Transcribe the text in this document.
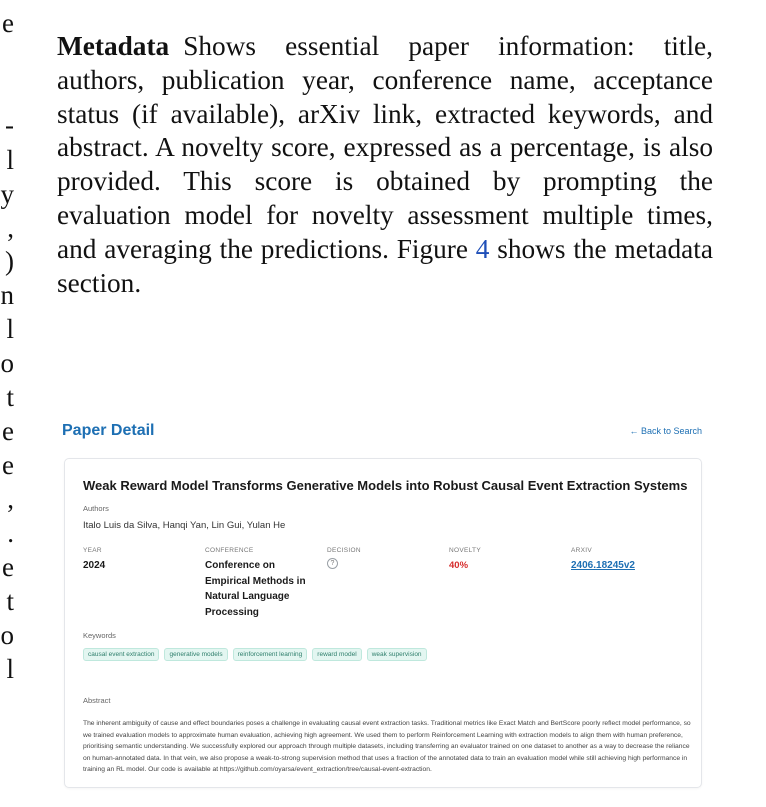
e
-
l
y
,
)
n
l
o
t
e
e
,
.
e
t
o
l

Metadata Shows essential paper information: title, authors, publication year, conference name, acceptance status (if available), arXiv link, extracted keywords, and abstract. A novelty score, expressed as a percentage, is also provided. This score is obtained by prompting the evaluation model for novelty assessment multiple times, and averaging the predictions. Figure 4 shows the metadata section.

Paper Detail	← Back to Search
Weak Reward Model Transforms Generative Models into Robust Causal Event Extraction Systems
Authors
Italo Luis da Silva, Hanqi Yan, Lin Gui, Yulan He
YEAR
2024
CONFERENCE
Conference on Empirical Methods in Natural Language Processing
DECISION
?
NOVELTY
40%
ARXIV
2406.18245v2
Keywords
causal event extraction	generative models	reinforcement learning	reward model	weak supervision
Abstract

The inherent ambiguity of cause and effect boundaries poses a challenge in evaluating causal event extraction tasks. Traditional metrics like Exact Match and BertScore poorly reflect model performance, so we trained evaluation models to approximate human evaluation, achieving high agreement. We used them to perform Reinforcement Learning with extraction models to align them with human preference, prioritising semantic understanding. We successfully explored our approach through multiple datasets, including transferring an evaluator trained on one dataset to another as a way to decrease the reliance on human-annotated data. In that vein, we also propose a weak-to-strong supervision method that uses a fraction of the annotated data to train an evaluation model while still achieving high performance in training an RL model. Our code is available at https://github.com/oyarsa/event_extraction/tree/causal-event-extraction.
